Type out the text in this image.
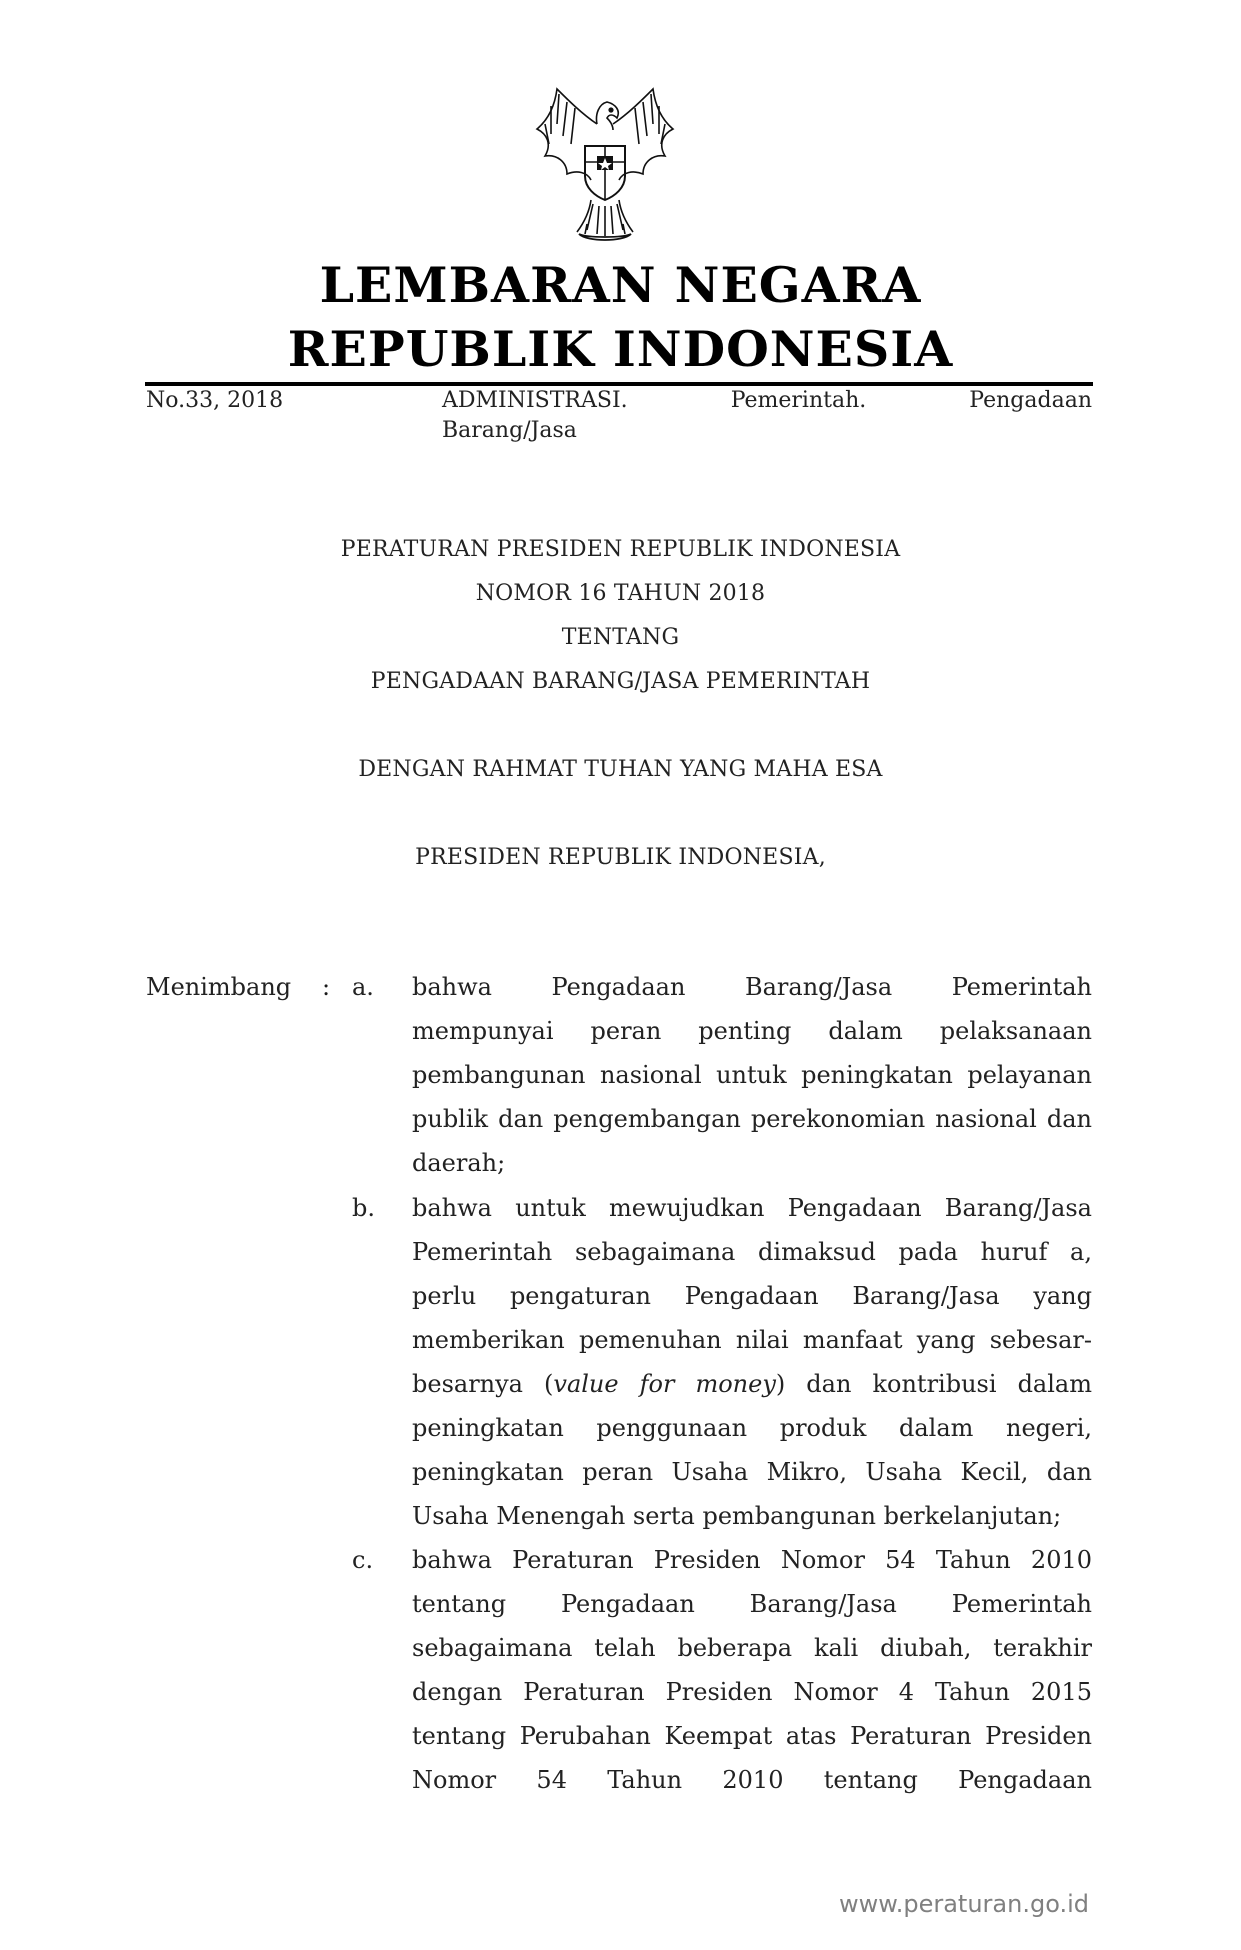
LEMBARAN NEGARA
REPUBLIK INDONESIA
No.33, 2018	ADMINISTRASI.	Pemerintah.	Pengadaan
Barang/Jasa
PERATURAN PRESIDEN REPUBLIK INDONESIA
NOMOR 16 TAHUN 2018
TENTANG
PENGADAAN BARANG/JASA PEMERINTAH
DENGAN RAHMAT TUHAN YANG MAHA ESA
PRESIDEN REPUBLIK INDONESIA,
Menimbang : a. bahwa Pengadaan Barang/Jasa Pemerintah
mempunyai peran penting dalam pelaksanaan
pembangunan nasional untuk peningkatan pelayanan
publik dan pengembangan perekonomian nasional dan
daerah;
b. bahwa untuk mewujudkan Pengadaan Barang/Jasa
Pemerintah sebagaimana dimaksud pada huruf a,
perlu pengaturan Pengadaan Barang/Jasa yang
memberikan pemenuhan nilai manfaat yang sebesar-
besarnya (value for money) dan kontribusi dalam
peningkatan penggunaan produk dalam negeri,
peningkatan peran Usaha Mikro, Usaha Kecil, dan
Usaha Menengah serta pembangunan berkelanjutan;
c. bahwa Peraturan Presiden Nomor 54 Tahun 2010
tentang Pengadaan Barang/Jasa Pemerintah
sebagaimana telah beberapa kali diubah, terakhir
dengan Peraturan Presiden Nomor 4 Tahun 2015
tentang Perubahan Keempat atas Peraturan Presiden
Nomor 54 Tahun 2010 tentang Pengadaan
www.peraturan.go.id
